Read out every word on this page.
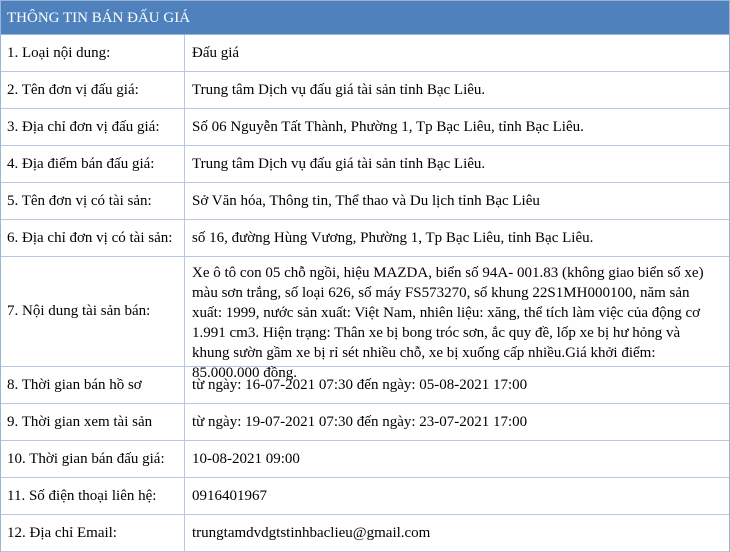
THÔNG TIN BÁN ĐẤU GIÁ
1. Loại nội dung:	Đấu giá
2. Tên đơn vị đấu giá:	Trung tâm Dịch vụ đấu giá tài sản tỉnh Bạc Liêu.
3. Địa chỉ đơn vị đấu giá:	Số 06 Nguyễn Tất Thành, Phường 1, Tp Bạc Liêu, tỉnh Bạc Liêu.
4. Địa điểm bán đấu giá:	Trung tâm Dịch vụ đấu giá tài sản tỉnh Bạc Liêu.
5. Tên đơn vị có tài sản:	Sở Văn hóa, Thông tin, Thể thao và Du lịch tỉnh Bạc Liêu
6. Địa chỉ đơn vị có tài sản:	số 16, đường Hùng Vương, Phường 1, Tp Bạc Liêu, tỉnh Bạc Liêu.
7. Nội dung tài sản bán:
Xe ô tô con 05 chỗ ngồi, hiệu MAZDA, biển số 94A- 001.83 (không giao biển số xe) màu sơn trắng, số loại 626, số máy FS573270, số khung 22S1MH000100, năm sản xuất: 1999, nước sản xuất: Việt Nam, nhiên liệu: xăng, thể tích làm việc của động cơ 1.991 cm3. Hiện trạng: Thân xe bị bong tróc sơn, ắc quy đề, lốp xe bị hư hỏng và khung sườn gầm xe bị rỉ sét nhiều chỗ, xe bị xuống cấp nhiều.Giá khởi điểm: 85.000.000 đồng.
8. Thời gian bán hồ sơ	từ ngày: 16-07-2021 07:30 đến ngày: 05-08-2021 17:00
9. Thời gian xem tài sản	từ ngày: 19-07-2021 07:30 đến ngày: 23-07-2021 17:00
10. Thời gian bán đấu giá:	10-08-2021 09:00
11. Số điện thoại liên hệ:	0916401967
12. Địa chỉ Email:	trungtamdvdgtstinhbaclieu@gmail.com
